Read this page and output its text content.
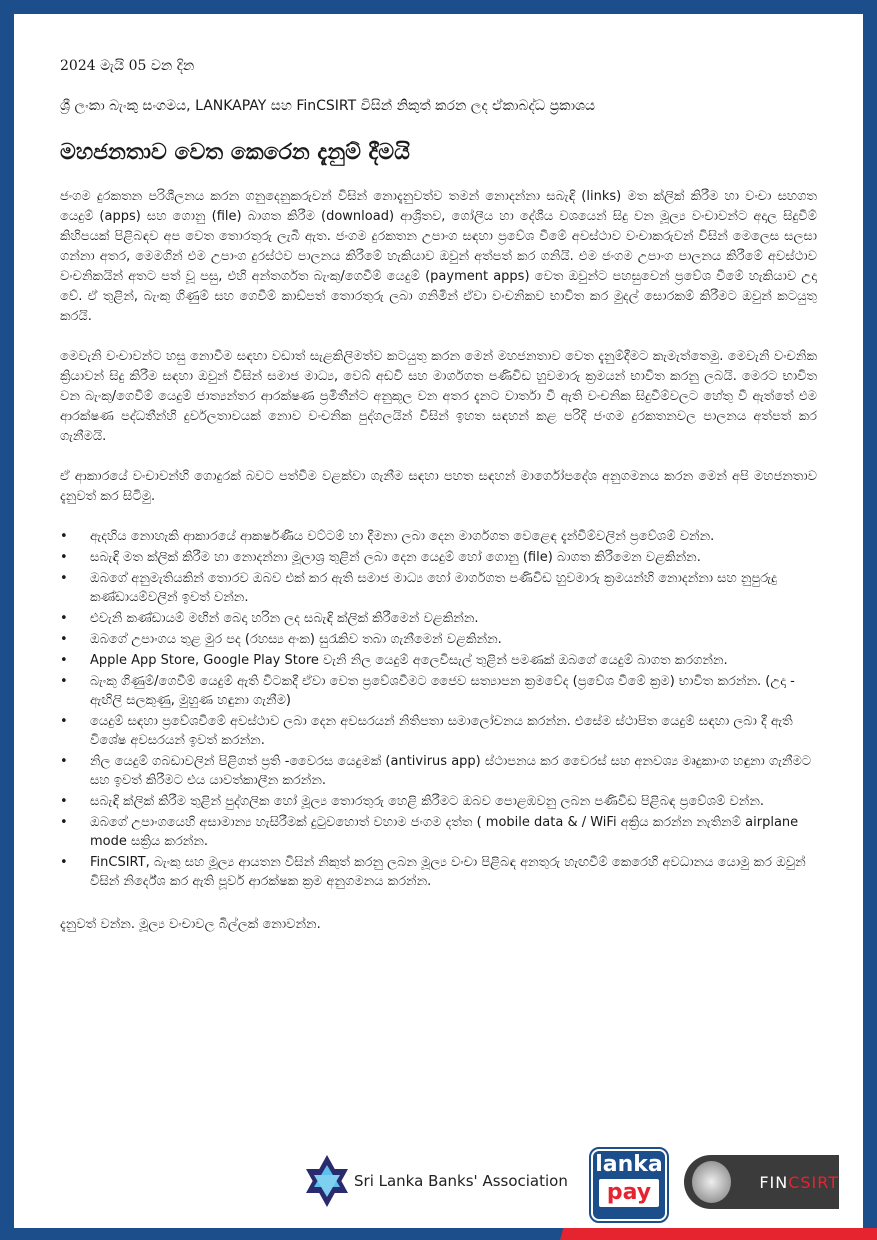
2024 මැයි 05 වන දින
ශ්‍රී ලංකා බැංකු සංගමය, LANKAPAY සහ FinCSIRT විසින් නිකුත් කරන ලද ඒකාබද්ධ ප්‍රකාශය
මහජනතාව වෙත කෙරෙන දැනුම් දීමයි

ජංගම දුරකතන පරිශීලනය කරන ගනුදෙනුකරුවන් විසින් නොදැනුවත්ව තමන් නොදන්නා සබැඳි (links) මත ක්ලික් කිරීම හා වංචා සහගත යෙදුම් (apps) සහ ගොනු (file) බාගත කිරීම (download) ආශ්‍රිතව, ගෝලීය හා දේශීය වශයෙන් සිදු වන මූල්‍ය වංචාවන්ට අදාල සිදුවීම් කිහිපයක් පිළිබඳව අප වෙත තොරතුරු ලැබී ඇත. ජංගම දුරකතන උපාංග සඳහා ප්‍රවේශ වීමේ අවස්ථාව වංචාකරුවන් විසින් මෙලෙස සලසා ගන්නා අතර, මෙමගින් එම උපාංග දුරස්ථව පාලනය කිරීමේ හැකියාව ඔවුන් අත්පත් කර ගනියි. එම ජංගම උපාංග පාලනය කිරීමේ අවස්ථාව වංචනිකයින් අතට පත් වූ පසු, එහි අන්තර්ගත බැංකු/ගෙවීම් යෙදුම් (payment apps) වෙත ඔවුන්ට පහසුවෙන් ප්‍රවේශ වීමේ හැකියාව උදා වේ. ඒ තුළින්, බැංකු ගිණුම් සහ ගෙවීම් කාඩ්පත් තොරතුරු ලබා ගනිමින් ඒවා වංචනිකව භාවිත කර මුදල් සොරකම් කිරීමට ඔවුන් කටයුතු කරයි.

මෙවැනි වංචාවන්ට හසු නොවීම සඳහා වඩාත් සැළකිලිමත්ව කටයුතු කරන මෙන් මහජනතාව වෙත දැනුම්දීමට කැමැත්තෙමු. මෙවැනි වංචනික ක්‍රියාවන් සිදු කිරීම සඳහා ඔවුන් විසින් සමාජ මාධ්‍ය, වෙබ් අඩවි සහ මාර්ගගත පණිවිඩ හුවමාරු ක්‍රමයන් භාවිත කරනු ලබයි. මෙරට භාවිත වන බැංකු/ගෙවීම් යෙදුම් ජාත්‍යන්තර ආරක්ෂණ ප්‍රමිතීන්ට අනුකූල වන අතර දැනට වාර්තා වී ඇති වංචනික සිදුවීම්වලට හේතු වී ඇත්තේ එම ආරක්ෂණ පද්ධතීන්හි දුර්වලතාවයක් නොව වංචනික පුද්ගලයින් විසින් ඉහත සඳහන් කළ පරිදි ජංගම දුරකතනවල පාලනය අත්පත් කර ගැනීමයි.

ඒ ආකාරයේ වංචාවන්හි ගොදුරක් බවට පත්වීම වළක්වා ගැනීම සඳහා පහත සඳහන් මාර්ගෝපදේශ අනුගමනය කරන මෙන් අපි මහජනතාව දැනුවත් කර සිටිමු.

• ඇදහිය නොහැකි ආකාරයේ ආකර්ෂණීය වට්ටම් හා දීමනා ලබා දෙන මාර්ගගත වෙළෙඳ දැන්වීම්වලින් ප්‍රවේශම් වන්න.
• සබැඳි මත ක්ලික් කිරීම හා නොදන්නා මූලාශ්‍ර තුළින් ලබා දෙන යෙදුම් හෝ ගොනු (file) බාගත කිරීමෙන වළකින්න.
• ඔබගේ අනුමැතියකින් තොරව ඔබව එක් කර ඇති සමාජ මාධ්‍ය හෝ මාර්ගගත පණිවිඩ හුවමාරු ක්‍රමයන්හි නොදන්නා සහ නුපුරුදු කණ්ඩායම්වලින් ඉවත් වන්න.
• එවැනි කණ්ඩායම් මඟින් බෙදා හරින ලද සබැඳි ක්ලික් කිරීමෙන් වළකින්න.
• ඔබගේ උපාංගය තුළ මුර පද (රහස්‍ය අංක) සුරැකිව තබා ගැනීමෙන් වළකින්න.
• Apple App Store, Google Play Store වැනි නිල යෙදුම් අලෙවිසැල් තුළින් පමණක් ඔබගේ යෙදුම් බාගත කරගන්න.
• බැංකු ගිණුම්/ගෙවීම් යෙදුම් ඇති විටකදී ඒවා වෙත ප්‍රවේශවීමට ජෛව සත්‍යාපන ක්‍රමවේද (ප්‍රවේශ වීමේ ක්‍රම) භාවිත කරන්න. (උදා - ඇඟිලි සලකුණු, මුහුණ හඳුනා ගැනීම)
• යෙදුම් සඳහා ප්‍රවේශවීමේ අවස්ථාව ලබා දෙන අවසරයන් නිතිපතා සමාලෝචනය කරන්න. එසේම ස්ථාපිත යෙදුම් සඳහා ලබා දී ඇති විශේෂ අවසරයන් ඉවත් කරන්න.
• නිල යෙදුම් ගබඩාවලින් පිළිගත් ප්‍රති -වෛරස යෙදුමක් (antivirus app) ස්ථාපනය කර වෛරස් සහ අනවශ්‍ය මෘදුකාංග හඳුනා ගැනීමට සහ ඉවත් කිරීමට එය යාවත්කාලීන කරන්න.
• සබැඳි ක්ලික් කිරීම තුළින් පුද්ගලික හෝ මූල්‍ය තොරතුරු හෙළි කිරීමට ඔබව පොළඹවනු ලබන පණිවිඩ පිළිබඳ ප්‍රවේශම් වන්න.
• ඔබගේ උපාංගයෙහි අසාමාන්‍ය හැසිරීමක් දුටුවහොත් වහාම ජංගම දත්ත ( mobile data & / WiFi අක්‍රිය කරන්න නැතිනම් airplane mode සක්‍රිය කරන්න.
• FinCSIRT, බැංකු සහ මූල්‍ය ආයතන විසින් නිකුත් කරනු ලබන මූල්‍ය වංචා පිළිබඳ අනතුරු හැඟවීම් කෙරෙහි අවධානය යොමු කර ඔවුන් විසින් නිර්දේශ කර ඇති පූර්ව ආරක්ෂක ක්‍රම අනුගමනය කරන්න.
දැනුවත් වන්න. මූල්‍ය වංචාවල බිල්ලක් නොවන්න.
Sri Lanka Banks' Association
lanka
pay	FINCSIRT
